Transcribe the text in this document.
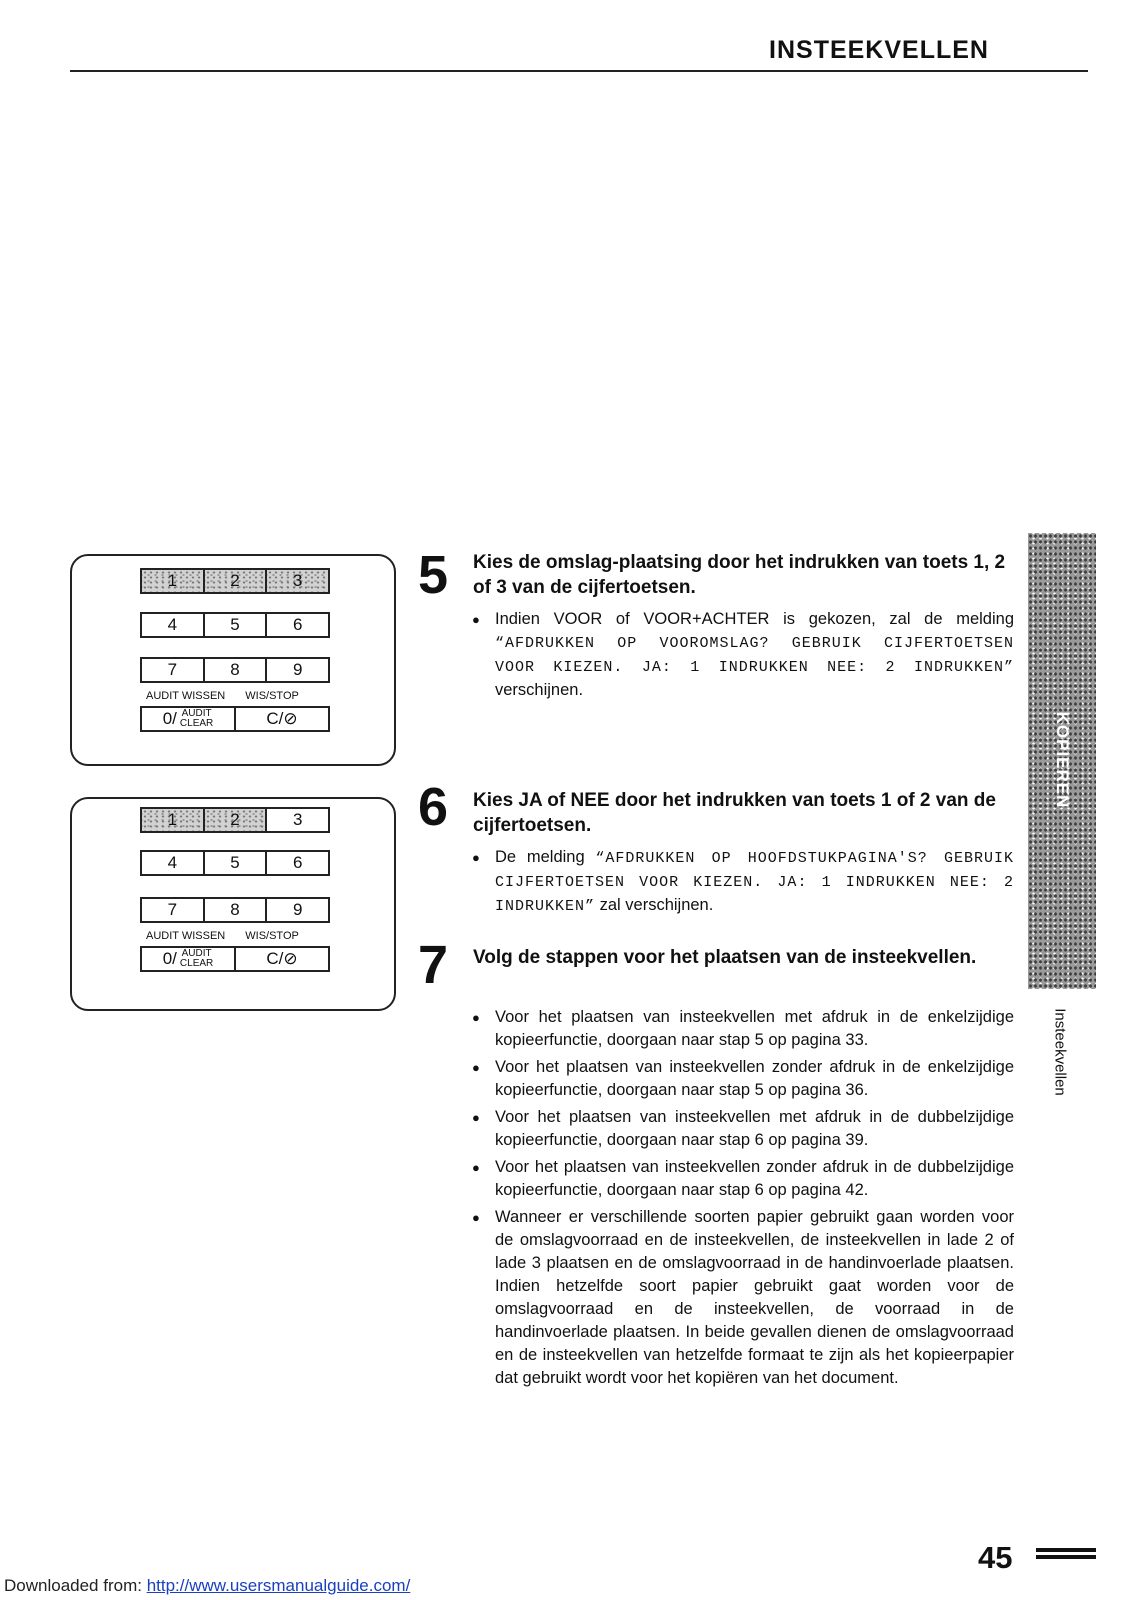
INSTEEKVELLEN
1	2	3
4	5	6
7	8	9
AUDIT WISSEN WIS/STOP
0/ AUDIT
CLEAR	C/⊘
1	2	3
4	5	6
7	8	9
AUDIT WISSEN WIS/STOP
0/ AUDIT
CLEAR	C/⊘
5 Kies de omslag-plaatsing door het indrukken van toets 1, 2 of 3 van de cijfertoetsen.
● Indien VOOR of VOOR+ACHTER is gekozen, zal de melding “AFDRUKKEN OP VOOROMSLAG? GEBRUIK CIJFERTOETSEN VOOR KIEZEN. JA: 1 INDRUKKEN NEE: 2 INDRUKKEN” verschijnen.
6 Kies JA of NEE door het indrukken van toets 1 of 2 van de cijfertoetsen.
● De melding “AFDRUKKEN OP HOOFDSTUKPAGINA'S? GEBRUIK CIJFERTOETSEN VOOR KIEZEN. JA: 1 INDRUKKEN NEE: 2 INDRUKKEN” zal verschijnen.
7 Volg de stappen voor het plaatsen van de insteekvellen.
● Voor het plaatsen van insteekvellen met afdruk in de enkelzijdige kopieerfunctie, doorgaan naar stap 5 op pagina 33.
● Voor het plaatsen van insteekvellen zonder afdruk in de enkelzijdige kopieerfunctie, doorgaan naar stap 5 op pagina 36.
● Voor het plaatsen van insteekvellen met afdruk in de dubbelzijdige kopieerfunctie, doorgaan naar stap 6 op pagina 39.
● Voor het plaatsen van insteekvellen zonder afdruk in de dubbelzijdige kopieerfunctie, doorgaan naar stap 6 op pagina 42.
● Wanneer er verschillende soorten papier gebruikt gaan worden voor de omslagvoorraad en de insteekvellen, de insteekvellen in lade 2 of lade 3 plaatsen en de omslagvoorraad in de handinvoerlade plaatsen. Indien hetzelfde soort papier gebruikt gaat worden voor de omslagvoorraad en de insteekvellen, de voorraad in de handinvoerlade plaatsen. In beide gevallen dienen de omslagvoorraad en de insteekvellen van hetzelfde formaat te zijn als het kopieerpapier dat gebruikt wordt voor het kopiëren van het document.
KOPIEREN
Insteekvellen
45
Downloaded from: http://www.usersmanualguide.com/
